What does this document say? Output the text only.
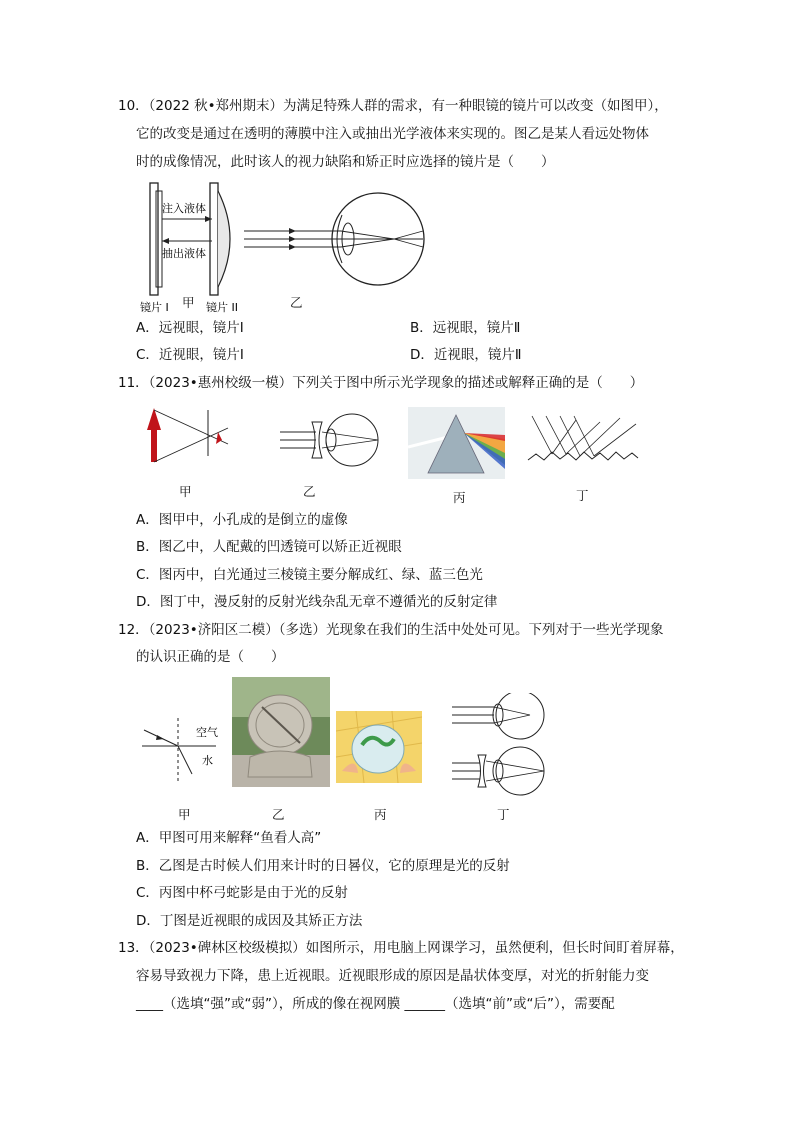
10．（2022 秋•郑州期末）为满足特殊人群的需求，有一种眼镜的镜片可以改变（如图甲），
它的改变是通过在透明的薄膜中注入或抽出光学液体来实现的。图乙是某人看远处物体
时的成像情况，此时该人的视力缺陷和矫正时应选择的镜片是（　　）
注入液体
抽出液体
镜片 I	镜片 II
甲	乙
A．远视眼，镜片Ⅰ	B．远视眼，镜片Ⅱ
C．近视眼，镜片Ⅰ	D．近视眼，镜片Ⅱ
11．（2023•惠州校级一模）下列关于图中所示光学现象的描述或解释正确的是（　　）
甲	乙	丙	丁
A．图甲中，小孔成的是倒立的虚像
B．图乙中，人配戴的凹透镜可以矫正近视眼
C．图丙中，白光通过三棱镜主要分解成红、绿、蓝三色光
D．图丁中，漫反射的反射光线杂乱无章不遵循光的反射定律
12．（2023•济阳区二模）（多选）光现象在我们的生活中处处可见。下列对于一些光学现象
的认识正确的是（　　）
空气
水
甲	乙	丙	丁
A．甲图可用来解释“鱼看人高”
B．乙图是古时候人们用来计时的日晷仪，它的原理是光的反射
C．丙图中杯弓蛇影是由于光的反射
D．丁图是近视眼的成因及其矫正方法
13．（2023•碑林区校级模拟）如图所示，用电脑上网课学习，虽然便利，但长时间盯着屏幕，
容易导致视力下降，患上近视眼。近视眼形成的原因是晶状体变厚，对光的折射能力变
____（选填“强”或“弱”），所成的像在视网膜 ______（选填“前”或“后”），需要配
